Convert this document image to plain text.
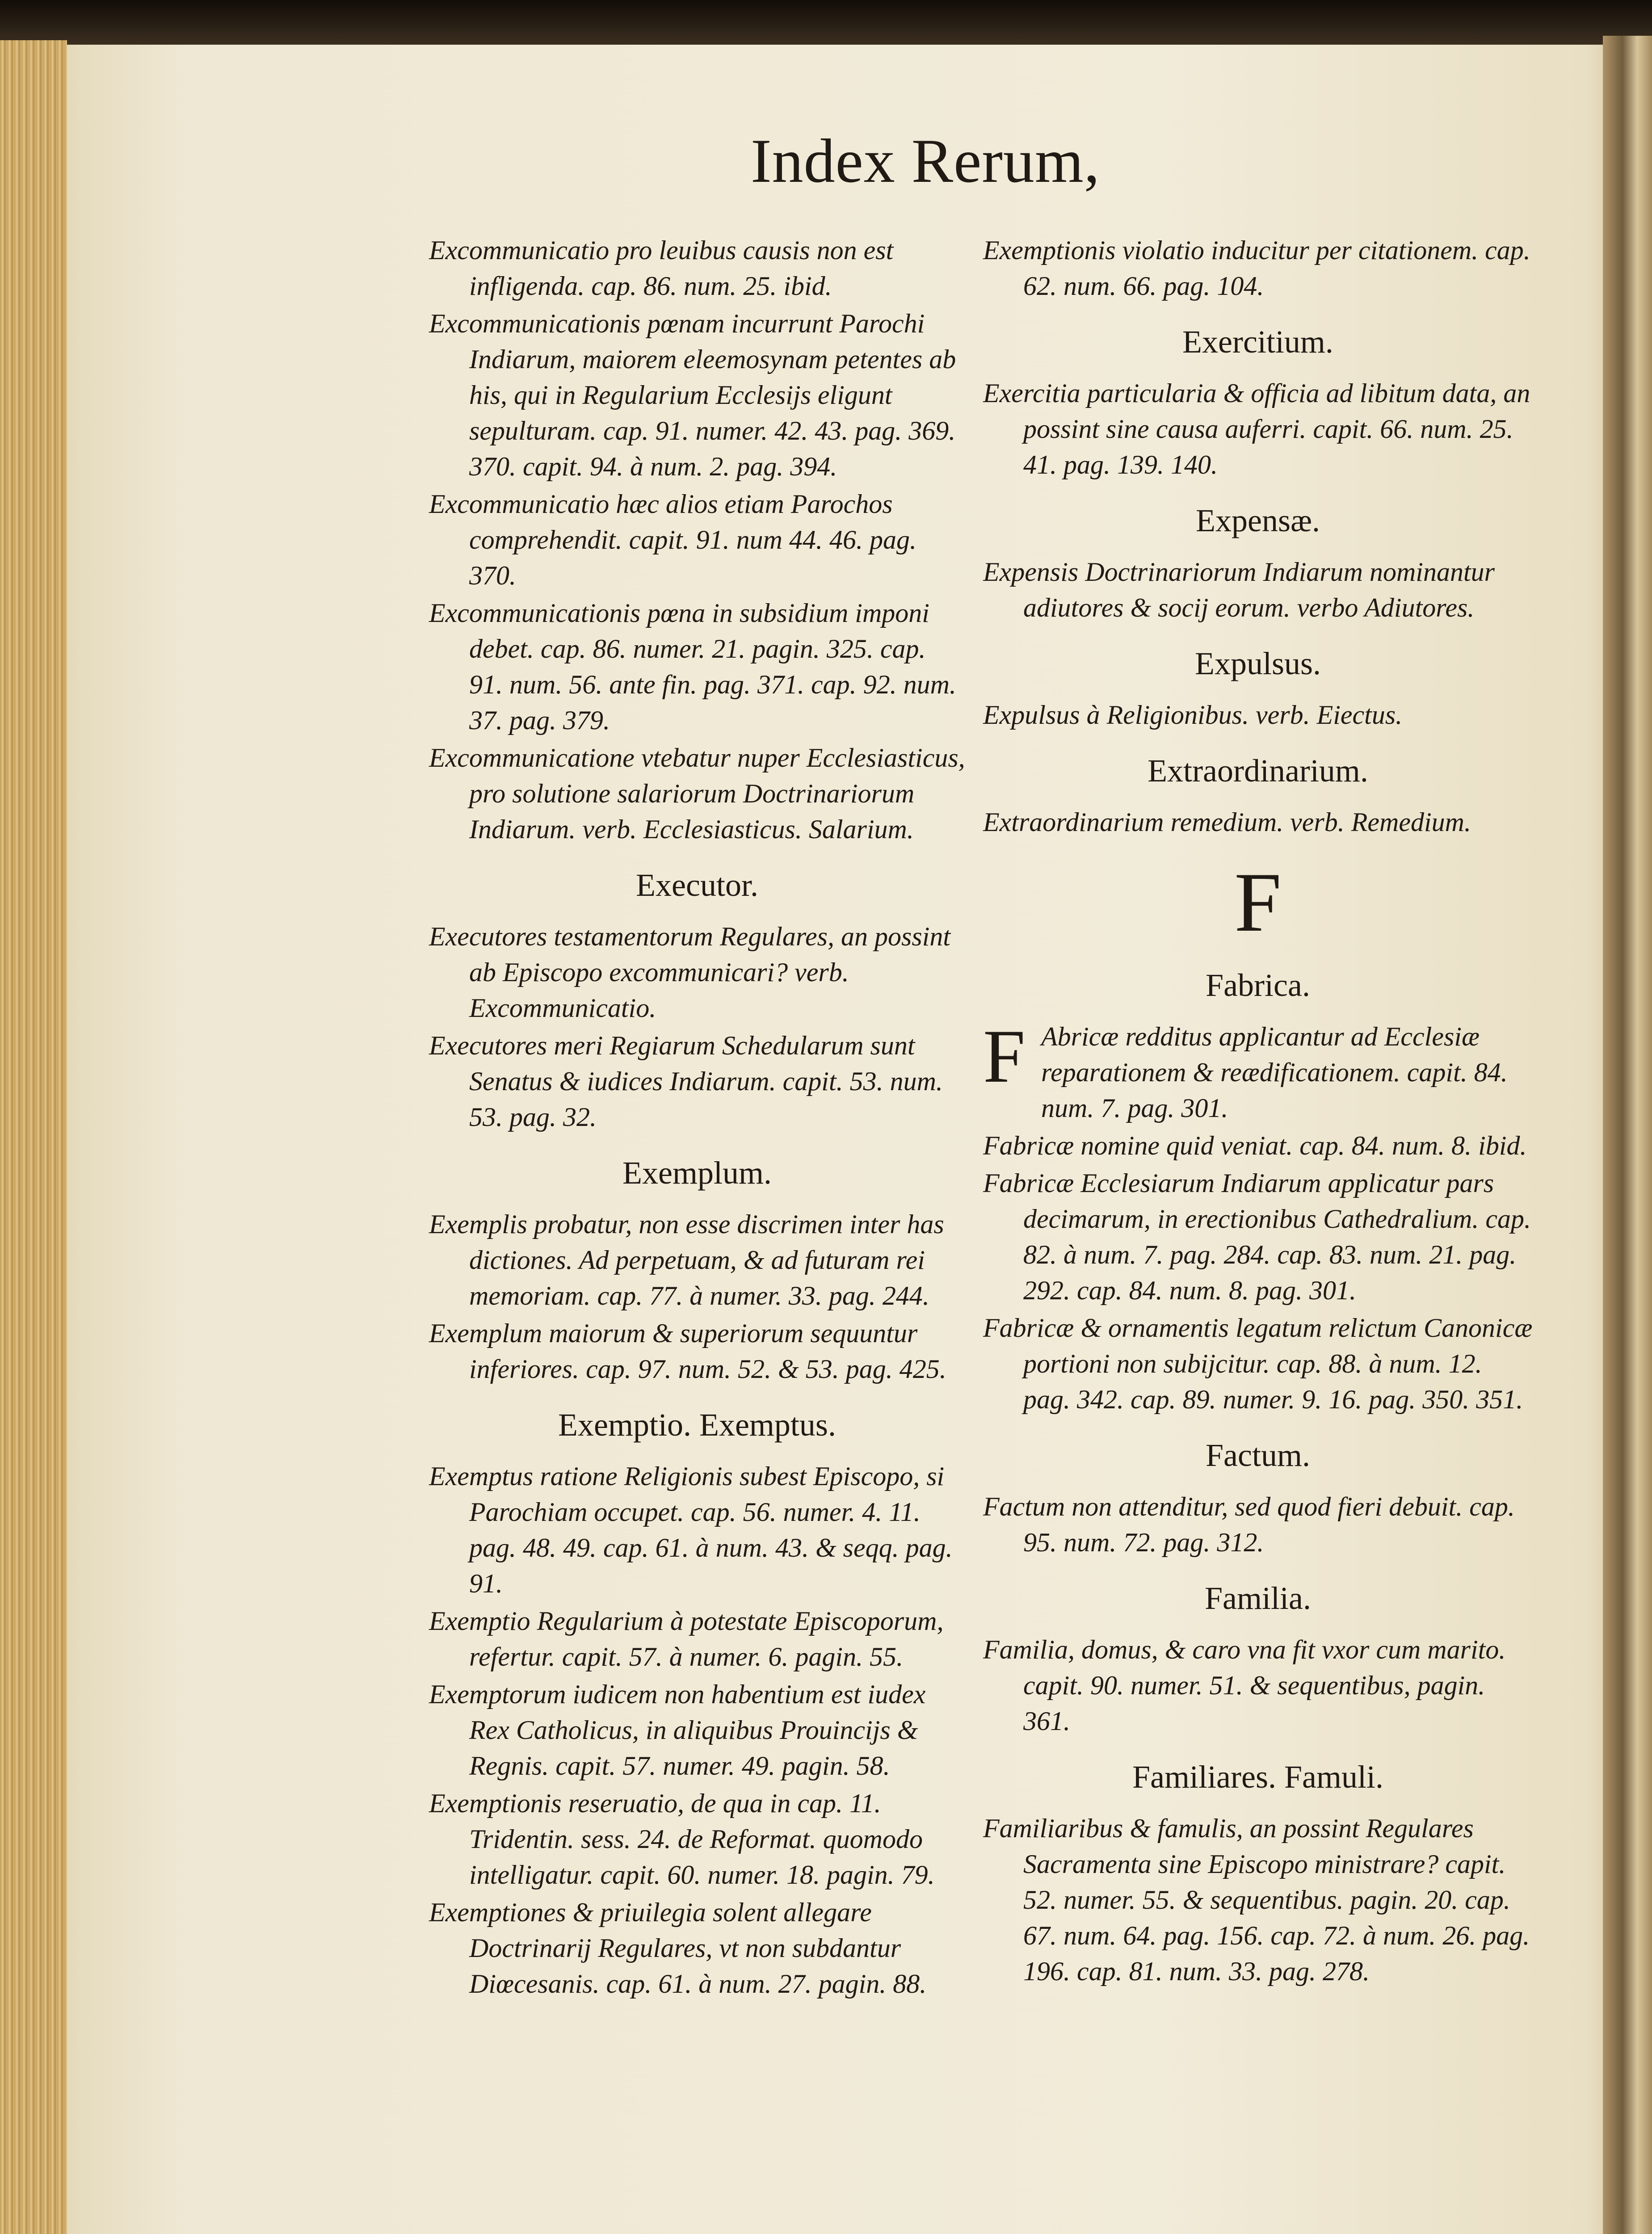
Index Rerum,
Excommunicatio pro leuibus causis non est infligenda. cap. 86. num. 25. ibid.
Excommunicationis pœnam incurrunt Parochi Indiarum, maiorem eleemosynam petentes ab his, qui in Regularium Ecclesijs eligunt sepulturam. cap. 91. numer. 42. 43. pag. 369. 370. capit. 94. à num. 2. pag. 394.
Excommunicatio hæc alios etiam Parochos comprehendit. capit. 91. num 44. 46. pag. 370.
Excommunicationis pœna in subsidium imponi debet. cap. 86. numer. 21. pagin. 325. cap. 91. num. 56. ante fin. pag. 371. cap. 92. num. 37. pag. 379.
Excommunicatione vtebatur nuper Ecclesiasticus, pro solutione salariorum Doctrinariorum Indiarum. verb. Ecclesiasticus. Salarium.
Executor.
Executores testamentorum Regulares, an possint ab Episcopo excommunicari? verb. Excommunicatio.
Executores meri Regiarum Schedularum sunt Senatus & iudices Indiarum. capit. 53. num. 53. pag. 32.
Exemplum.
Exemplis probatur, non esse discrimen inter has dictiones. Ad perpetuam, & ad futuram rei memoriam. cap. 77. à numer. 33. pag. 244.
Exemplum maiorum & superiorum sequuntur inferiores. cap. 97. num. 52. & 53. pag. 425.
Exemptio. Exemptus.
Exemptus ratione Religionis subest Episcopo, si Parochiam occupet. cap. 56. numer. 4. 11. pag. 48. 49. cap. 61. à num. 43. & seqq. pag. 91.
Exemptio Regularium à potestate Episcoporum, refertur. capit. 57. à numer. 6. pagin. 55.
Exemptorum iudicem non habentium est iudex Rex Catholicus, in aliquibus Prouincijs & Regnis. capit. 57. numer. 49. pagin. 58.
Exemptionis reseruatio, de qua in cap. 11. Tridentin. sess. 24. de Reformat. quomodo intelligatur. capit. 60. numer. 18. pagin. 79.
Exemptiones & priuilegia solent allegare Doctrinarij Regulares, vt non subdantur Diœcesanis. cap. 61. à num. 27. pagin. 88.
Exemptionis violatio inducitur per citationem. cap. 62. num. 66. pag. 104.
Exercitium.
Exercitia particularia & officia ad libitum data, an possint sine causa auferri. capit. 66. num. 25. 41. pag. 139. 140.
Expensæ.
Expensis Doctrinariorum Indiarum nominantur adiutores & socij eorum. verbo Adiutores.
Expulsus.
Expulsus à Religionibus. verb. Eiectus.
Extraordinarium.
Extraordinarium remedium. verb. Remedium.
F
Fabrica.
F Abricæ redditus applicantur ad Ecclesiæ reparationem & reædificationem. capit. 84. num. 7. pag. 301.
Fabricæ nomine quid veniat. cap. 84. num. 8. ibid.
Fabricæ Ecclesiarum Indiarum applicatur pars decimarum, in erectionibus Cathedralium. cap. 82. à num. 7. pag. 284. cap. 83. num. 21. pag. 292. cap. 84. num. 8. pag. 301.
Fabricæ & ornamentis legatum relictum Canonicæ portioni non subijcitur. cap. 88. à num. 12. pag. 342. cap. 89. numer. 9. 16. pag. 350. 351.
Factum.
Factum non attenditur, sed quod fieri debuit. cap. 95. num. 72. pag. 312.
Familia.
Familia, domus, & caro vna fit vxor cum marito. capit. 90. numer. 51. & sequentibus, pagin. 361.
Familiares. Famuli.
Familiaribus & famulis, an possint Regulares Sacramenta sine Episcopo ministrare? capit. 52. numer. 55. & sequentibus. pagin. 20. cap. 67. num. 64. pag. 156. cap. 72. à num. 26. pag. 196. cap. 81. num. 33. pag. 278.
